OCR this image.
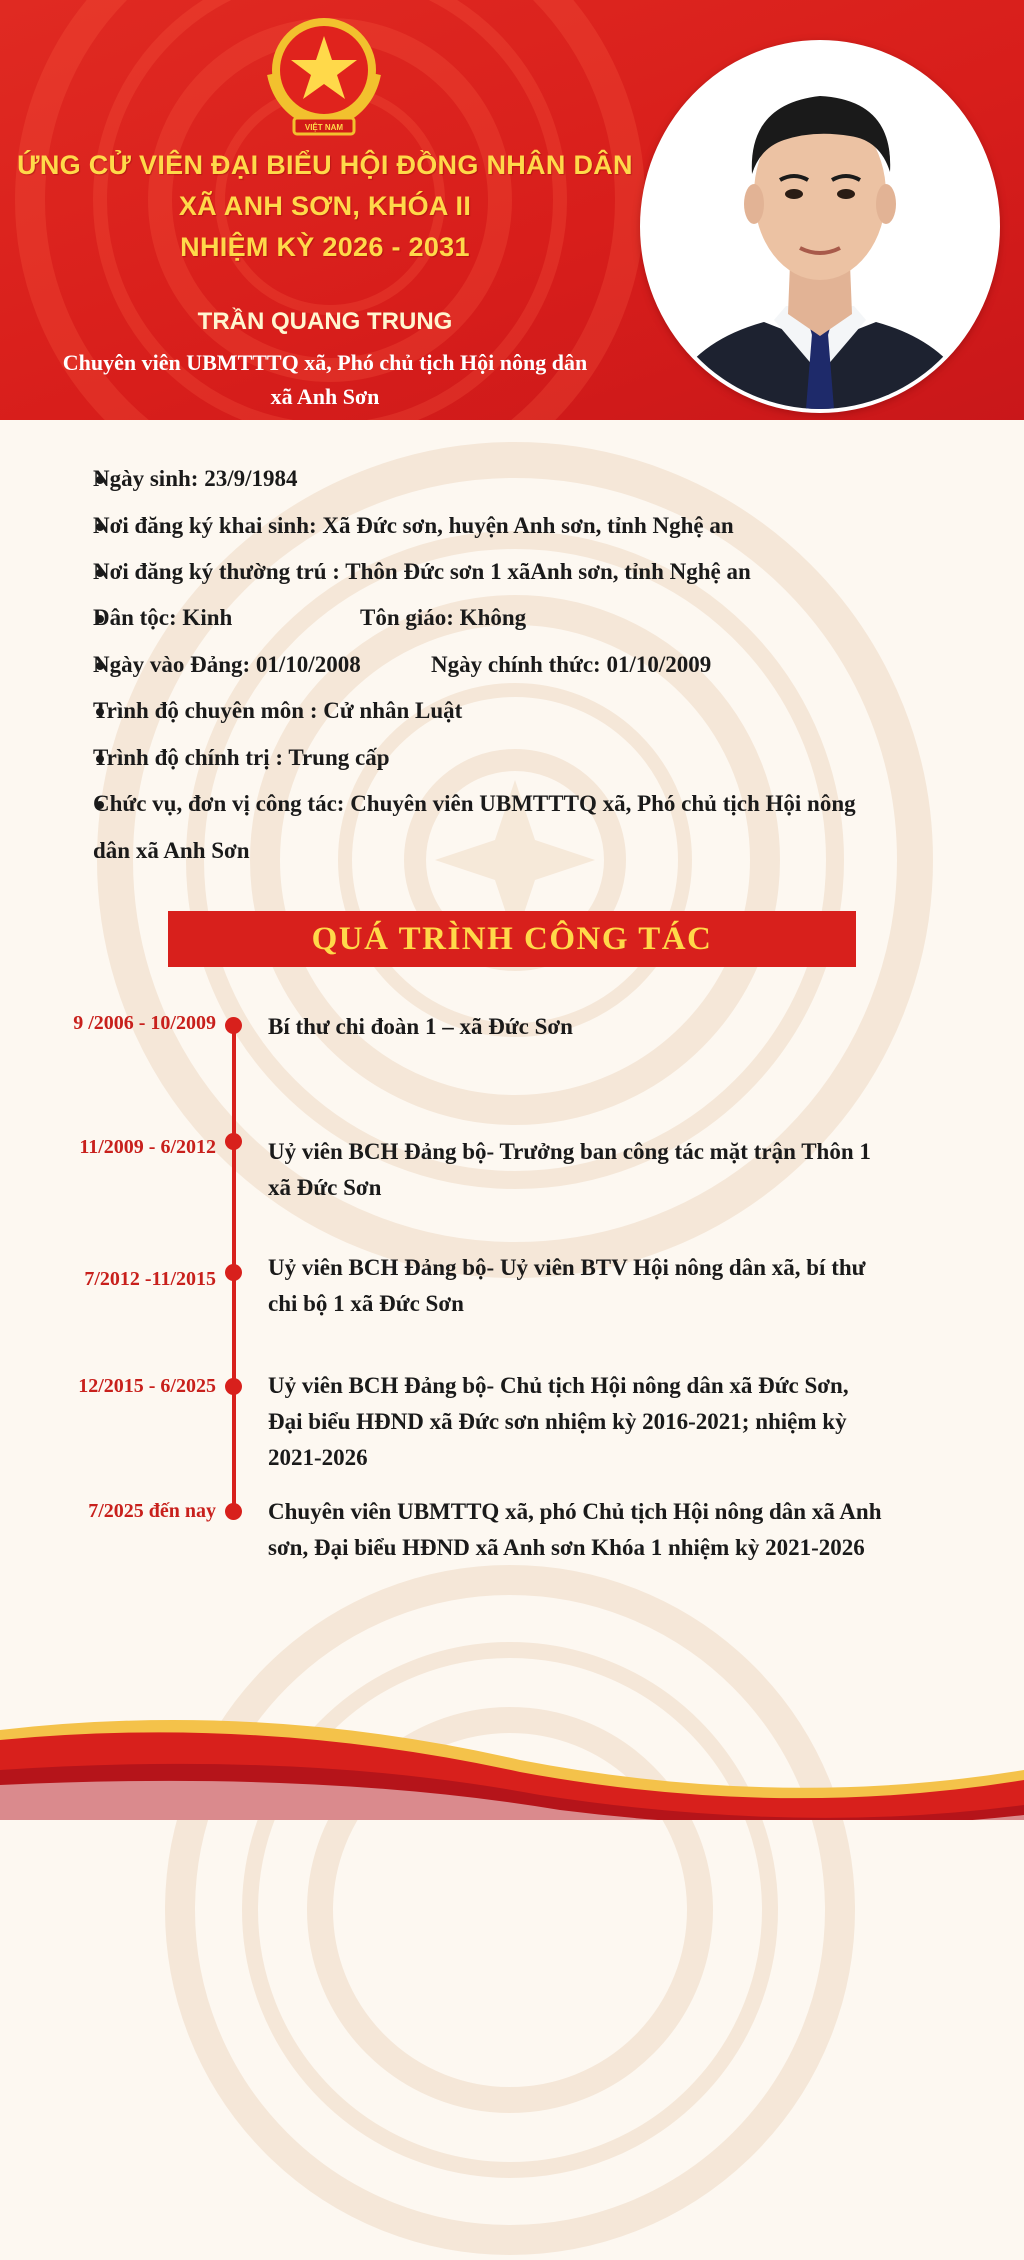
VIỆT NAM
ỨNG CỬ VIÊN ĐẠI BIỂU HỘI ĐỒNG NHÂN DÂN
XÃ ANH SƠN, KHÓA II
NHIỆM KỲ 2026 - 2031
TRẦN QUANG TRUNG
Chuyên viên UBMTTTQ xã, Phó chủ tịch Hội nông dân
xã Anh Sơn
Ngày sinh: 23/9/1984
Nơi đăng ký khai sinh: Xã Đức sơn, huyện Anh sơn, tỉnh Nghệ an
Nơi đăng ký thường trú : Thôn Đức sơn 1 xãAnh sơn, tỉnh Nghệ an
Dân tộc: Kinh	Tôn giáo: Không
Ngày vào Đảng: 01/10/2008	Ngày chính thức: 01/10/2009
Trình độ chuyên môn : Cử nhân Luật
Trình độ chính trị : Trung cấp
Chức vụ, đơn vị công tác: Chuyên viên UBMTTTQ xã, Phó chủ tịch Hội nông
dân xã Anh Sơn
QUÁ TRÌNH CÔNG TÁC
9 /2006 - 10/2009 Bí thư chi đoàn 1 – xã Đức Sơn
11/2009 - 6/2012 Uỷ viên BCH Đảng bộ- Trưởng ban công tác mặt trận Thôn 1
xã Đức Sơn
7/2012 -11/2015 Uỷ viên BCH Đảng bộ- Uỷ viên BTV Hội nông dân xã, bí thư
chi bộ 1 xã Đức Sơn
12/2015 - 6/2025 Uỷ viên BCH Đảng bộ- Chủ tịch Hội nông dân xã Đức Sơn,
Đại biểu HĐND xã Đức sơn nhiệm kỳ 2016-2021; nhiệm kỳ
2021-2026
7/2025 đến nay Chuyên viên UBMTTQ xã, phó Chủ tịch Hội nông dân xã Anh
sơn, Đại biểu HĐND xã Anh sơn Khóa 1 nhiệm kỳ 2021-2026
